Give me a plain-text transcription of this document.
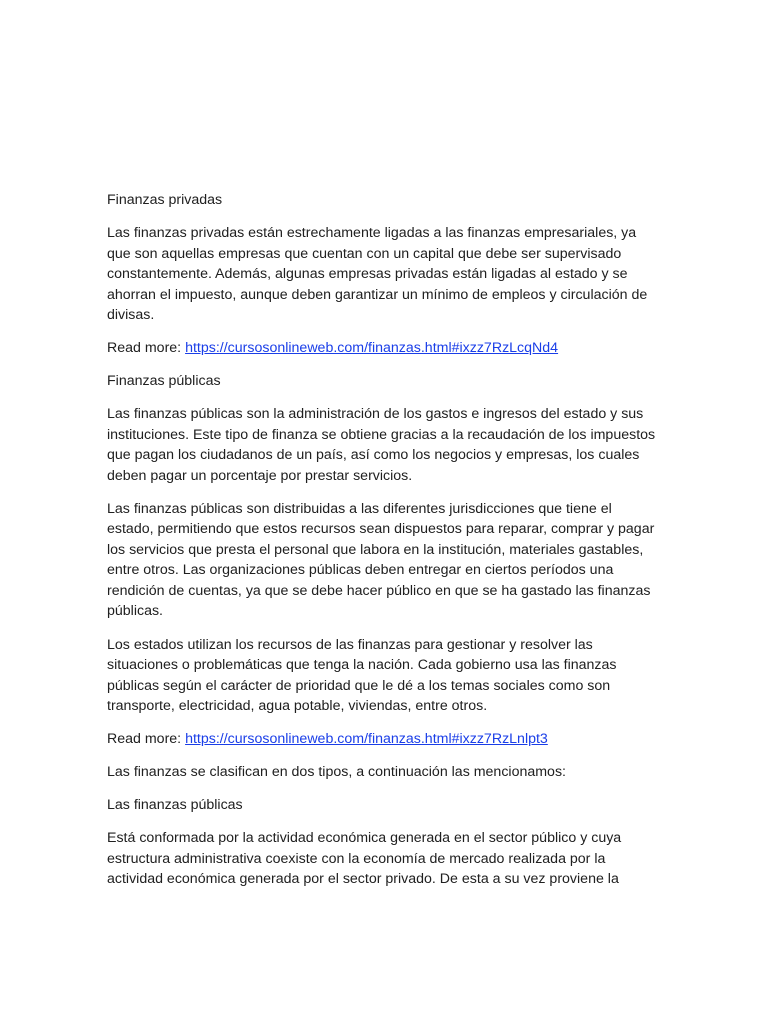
Finanzas privadas

Las finanzas privadas están estrechamente ligadas a las finanzas empresariales, ya que son aquellas empresas que cuentan con un capital que debe ser supervisado constantemente. Además, algunas empresas privadas están ligadas al estado y se ahorran el impuesto, aunque deben garantizar un mínimo de empleos y circulación de divisas.

Read more: https://cursosonlineweb.com/finanzas.html#ixzz7RzLcqNd4

Finanzas públicas

Las finanzas públicas son la administración de los gastos e ingresos del estado y sus instituciones. Este tipo de finanza se obtiene gracias a la recaudación de los impuestos que pagan los ciudadanos de un país, así como los negocios y empresas, los cuales deben pagar un porcentaje por prestar servicios.

Las finanzas públicas son distribuidas a las diferentes jurisdicciones que tiene el estado, permitiendo que estos recursos sean dispuestos para reparar, comprar y pagar los servicios que presta el personal que labora en la institución, materiales gastables, entre otros. Las organizaciones públicas deben entregar en ciertos períodos una rendición de cuentas, ya que se debe hacer público en que se ha gastado las finanzas públicas.

Los estados utilizan los recursos de las finanzas para gestionar y resolver las situaciones o problemáticas que tenga la nación. Cada gobierno usa las finanzas públicas según el carácter de prioridad que le dé a los temas sociales como son transporte, electricidad, agua potable, viviendas, entre otros.

Read more: https://cursosonlineweb.com/finanzas.html#ixzz7RzLnlpt3

Las finanzas se clasifican en dos tipos, a continuación las mencionamos:

Las finanzas públicas

Está conformada por la actividad económica generada en el sector público y cuya estructura administrativa coexiste con la economía de mercado realizada por la actividad económica generada por el sector privado. De esta a su vez proviene la
